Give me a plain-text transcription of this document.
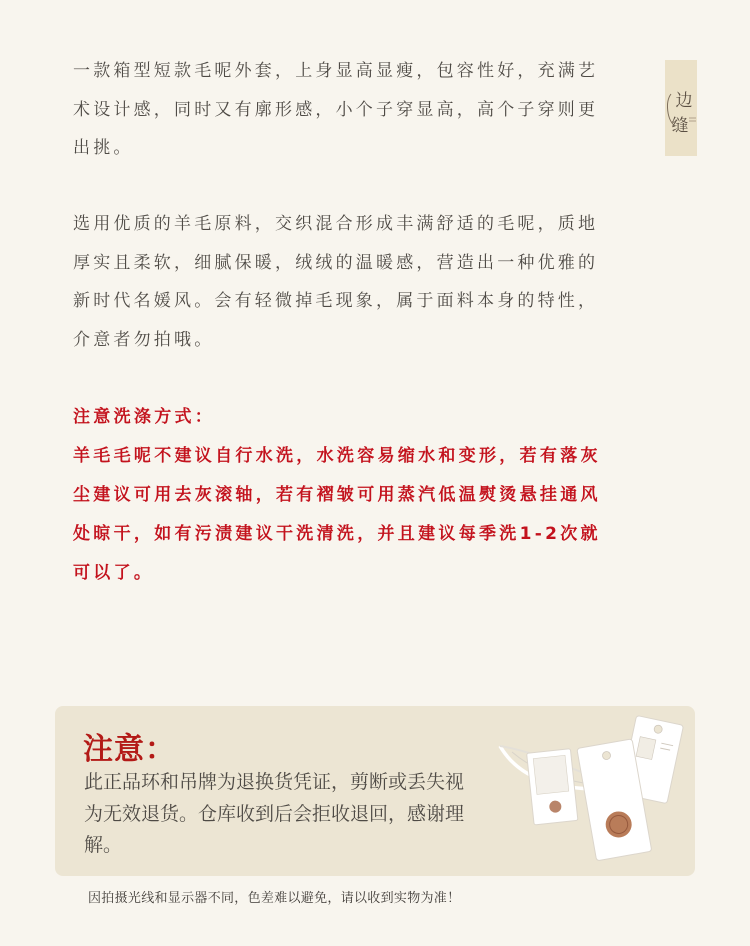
一款箱型短款毛呢外套，上身显高显瘦，包容性好，充满艺术设计感，同时又有廓形感，小个子穿显高，高个子穿则更出挑。

选用优质的羊毛原料，交织混合形成丰满舒适的毛呢，质地厚实且柔软，细腻保暖，绒绒的温暖感，营造出一种优雅的新时代名媛风。会有轻微掉毛现象，属于面料本身的特性，介意者勿拍哦。

注意洗涤方式：

羊毛毛呢不建议自行水洗，水洗容易缩水和变形，若有落灰尘建议可用去灰滚轴，若有褶皱可用蒸汽低温熨烫悬挂通风处晾干，如有污渍建议干洗清洗，并且建议每季洗1-2次就可以了。

边
缝

注意：

此正品环和吊牌为退换货凭证，剪断或丢失视为无效退货。仓库收到后会拒收退回，感谢理解。

因拍摄光线和显示器不同，色差难以避免，请以收到实物为准！
